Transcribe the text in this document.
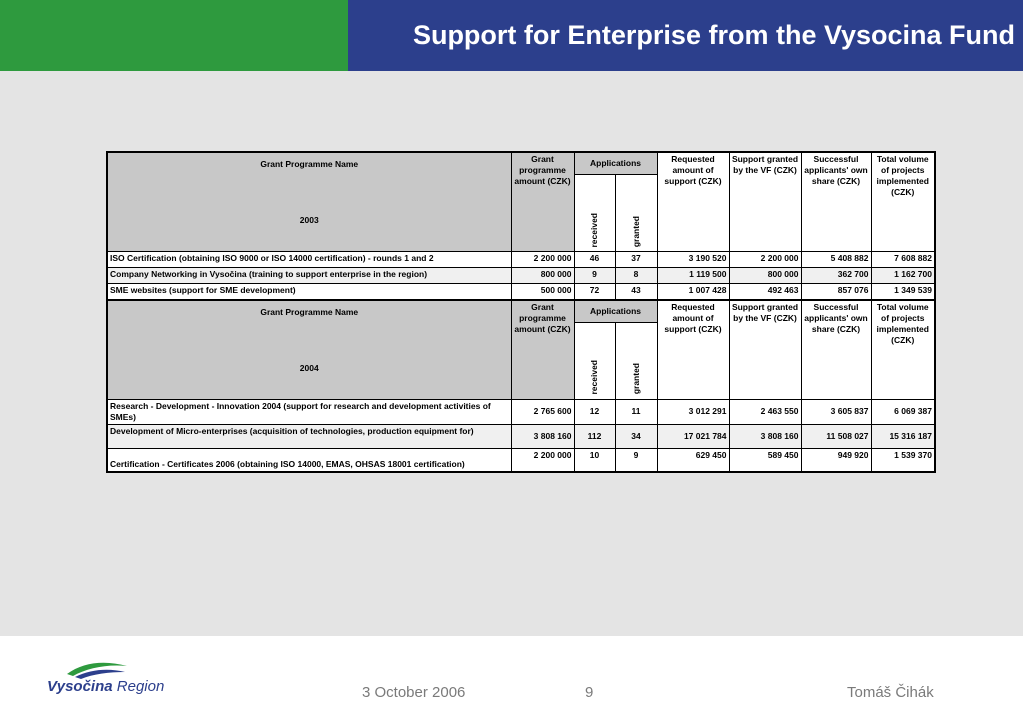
Support for Enterprise from the Vysocina Fund
Grant Programme Name
2003	Grant programme amount (CZK)	Applications		Requested amount of support (CZK)	Support granted by the VF (CZK)	Successful applicants' own share (CZK)	Total volume of projects implemented (CZK)
		received	granted				
ISO Certification (obtaining ISO 9000 or ISO 14000 certification) - rounds 1 and 2	2 200 000	46	37	3 190 520	2 200 000	5 408 882	7 608 882
Company Networking in Vysočina (training to support enterprise in the region)	800 000	9	8	1 119 500	800 000	362 700	1 162 700
SME websites (support for SME development)	500 000	72	43	1 007 428	492 463	857 076	1 349 539

Grant Programme Name
2004	Grant programme amount (CZK)	Applications		Requested amount of support (CZK)	Support granted by the VF (CZK)	Successful applicants' own share (CZK)	Total volume of projects implemented (CZK)
		received	granted				
Research - Development - Innovation 2004 (support for research and development activities of SMEs)	2 765 600	12	11	3 012 291	2 463 550	3 605 837	6 069 387
Development of Micro-enterprises (acquisition of technologies, production equipment for)	3 808 160	112	34	17 021 784	3 808 160	11 508 027	15 316 187
Certification - Certificates 2006 (obtaining ISO 14000, EMAS, OHSAS 18001 certification)	2 200 000	10	9	629 450	589 450	949 920	1 539 370
Vysočina Region	3 October 2006	9	Tomáš Čihák
